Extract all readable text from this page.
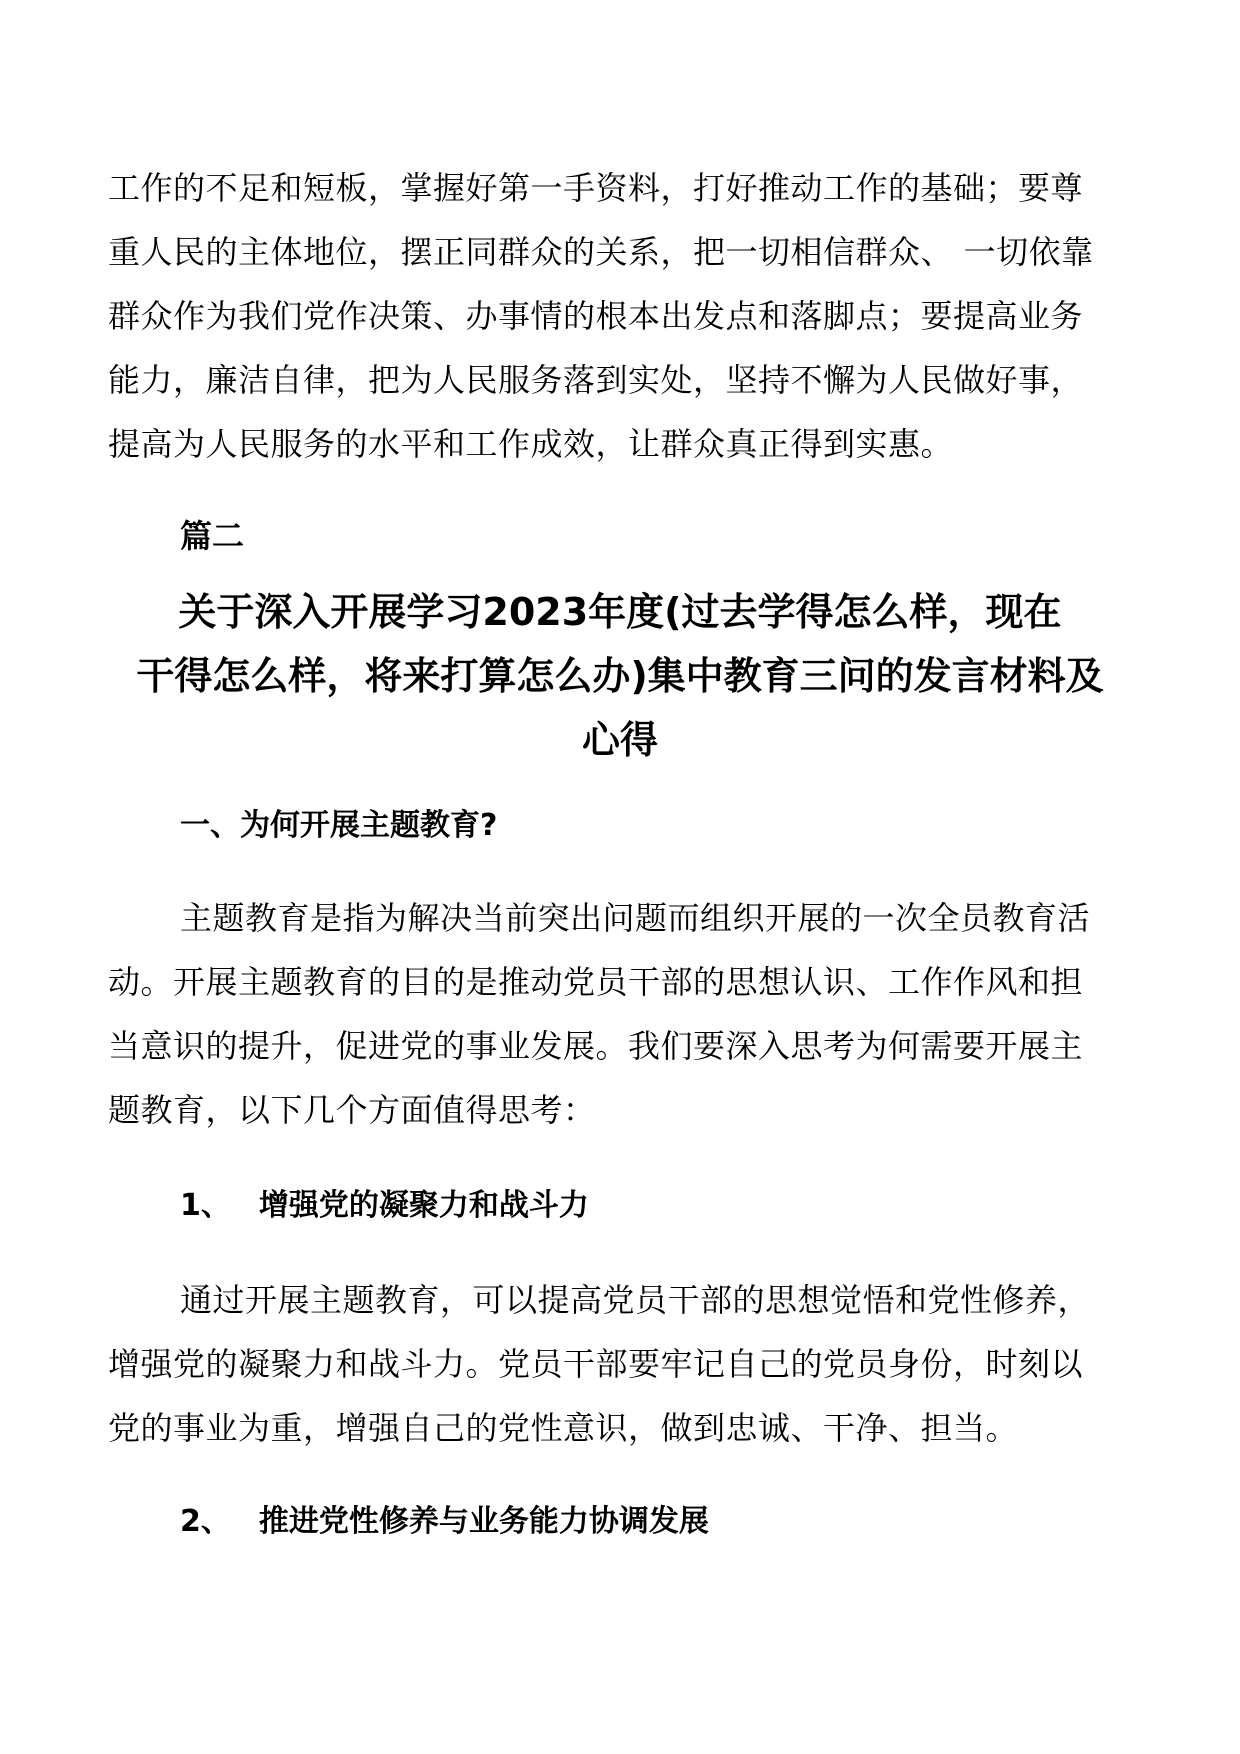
工作的不足和短板，掌握好第一手资料，打好推动工作的基础；要尊
重人民的主体地位，摆正同群众的关系，把一切相信群众、 一切依靠
群众作为我们党作决策、办事情的根本出发点和落脚点；要提高业务
能力，廉洁自律，把为人民服务落到实处，坚持不懈为人民做好事，
提高为人民服务的水平和工作成效，让群众真正得到实惠。
篇二
关于深入开展学习2023年度(过去学得怎么样，现在
干得怎么样，将来打算怎么办)集中教育三问的发言材料及
心得
一、为何开展主题教育?
主题教育是指为解决当前突出问题而组织开展的一次全员教育活
动。开展主题教育的目的是推动党员干部的思想认识、工作作风和担
当意识的提升，促进党的事业发展。我们要深入思考为何需要开展主
题教育，以下几个方面值得思考：
1、 增强党的凝聚力和战斗力
通过开展主题教育，可以提高党员干部的思想觉悟和党性修养，
增强党的凝聚力和战斗力。党员干部要牢记自己的党员身份，时刻以
党的事业为重，增强自己的党性意识，做到忠诚、干净、担当。
2、 推进党性修养与业务能力协调发展
